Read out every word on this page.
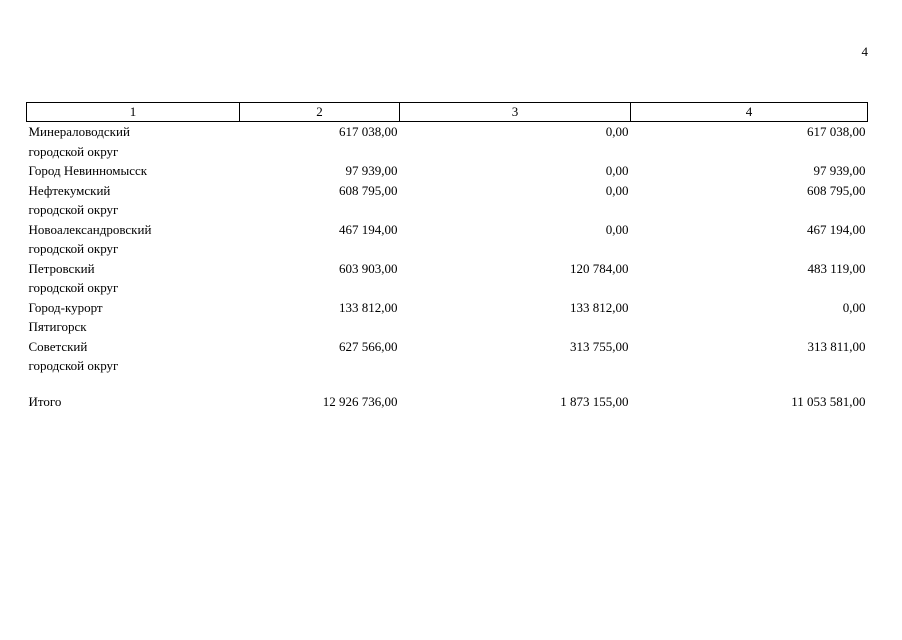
4
1	2	3	4

Минераловодский
городской округ	617 038,00	0,00	617 038,00

Город Невинномысск	97 939,00	0,00	97 939,00

Нефтекумский
городской округ	608 795,00	0,00	608 795,00

Новоалександровский
городской округ	467 194,00	0,00	467 194,00

Петровский
городской округ	603 903,00	120 784,00	483 119,00

Город-курорт
Пятигорск	133 812,00	133 812,00	0,00

Советский
городской округ	627 566,00	313 755,00	313 811,00

Итого	12 926 736,00	1 873 155,00	11 053 581,00
